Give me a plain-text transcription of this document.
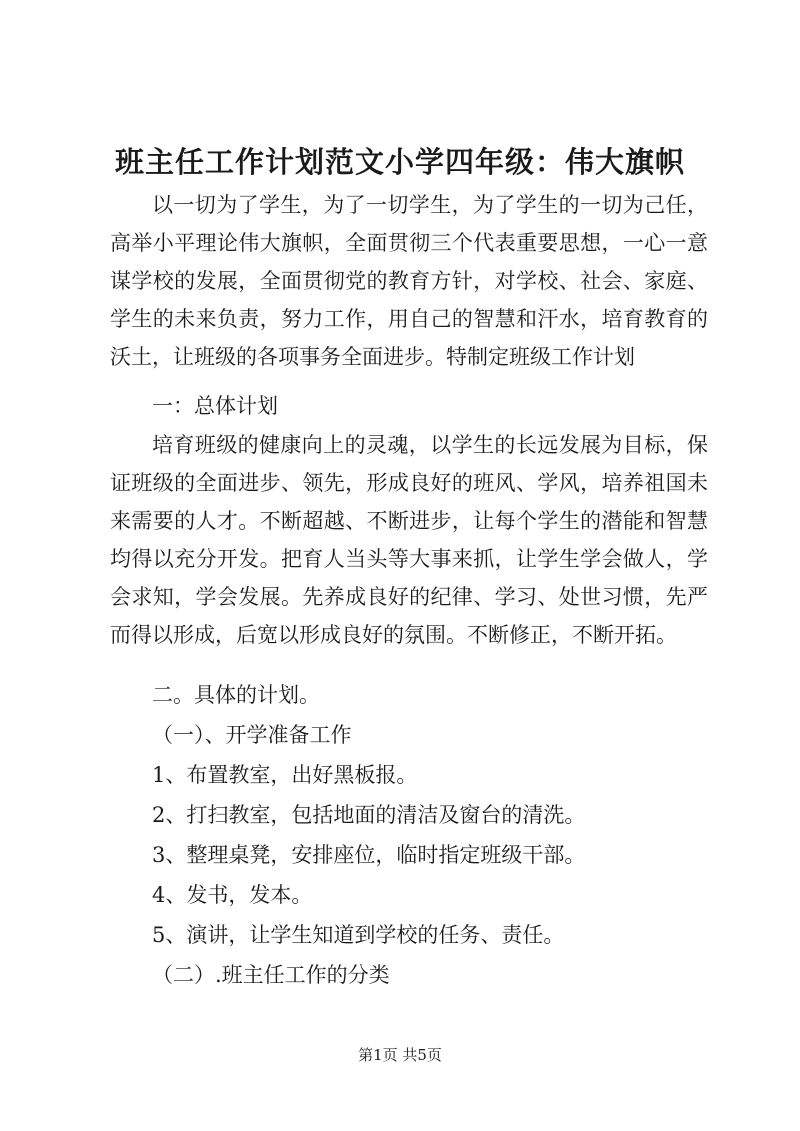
班主任工作计划范文小学四年级：伟大旗帜

以一切为了学生，为了一切学生，为了学生的一切为己任，高举小平理论伟大旗帜，全面贯彻三个代表重要思想，一心一意谋学校的发展，全面贯彻党的教育方针，对学校、社会、家庭、学生的未来负责，努力工作，用自己的智慧和汗水，培育教育的沃土，让班级的各项事务全面进步。特制定班级工作计划

一：总体计划

培育班级的健康向上的灵魂，以学生的长远发展为目标，保证班级的全面进步、领先，形成良好的班风、学风，培养祖国未来需要的人才。不断超越、不断进步，让每个学生的潜能和智慧均得以充分开发。把育人当头等大事来抓，让学生学会做人，学会求知，学会发展。先养成良好的纪律、学习、处世习惯，先严而得以形成，后宽以形成良好的氛围。不断修正，不断开拓。

二。具体的计划。

（一）、开学准备工作

1、布置教室，出好黑板报。

2、打扫教室，包括地面的清洁及窗台的清洗。

3、整理桌凳，安排座位，临时指定班级干部。

4、发书，发本。

5、演讲，让学生知道到学校的任务、责任。

（二）.班主任工作的分类

第1页 共5页
